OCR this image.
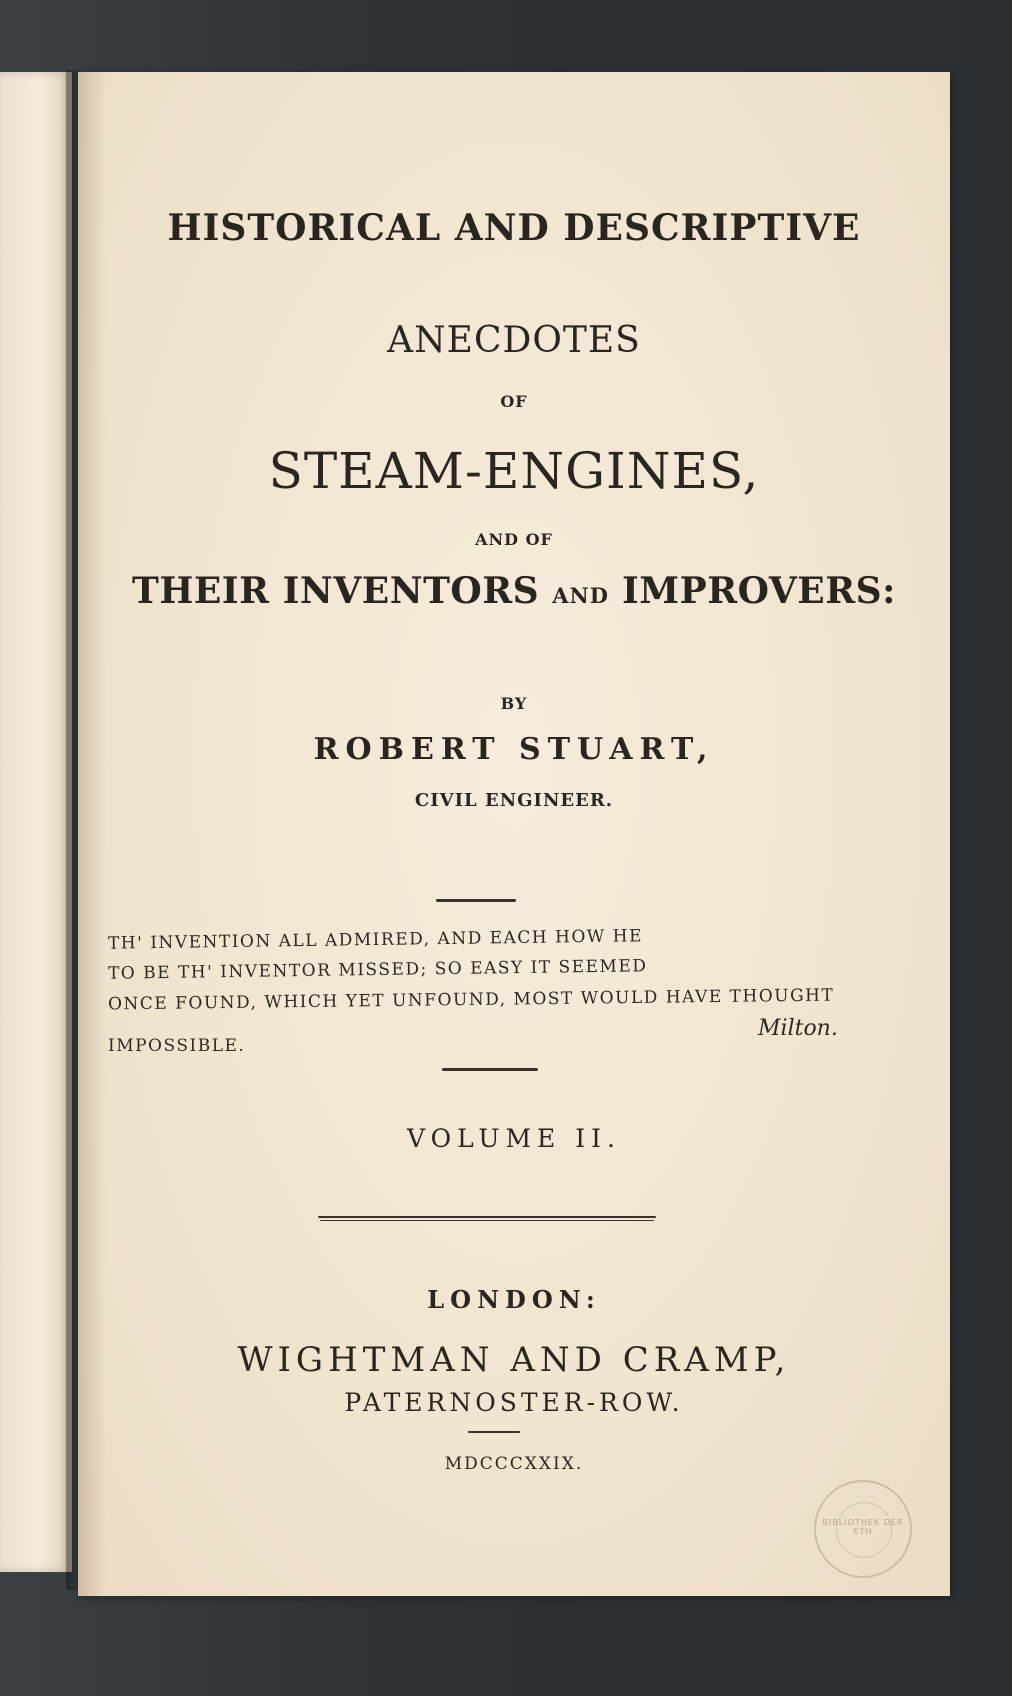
HISTORICAL AND DESCRIPTIVE
ANECDOTES
OF
STEAM-ENGINES,
AND OF
THEIR INVENTORS AND IMPROVERS:
BY
ROBERT STUART,
CIVIL ENGINEER.
TH' INVENTION ALL ADMIRED, AND EACH HOW HE
TO BE TH' INVENTOR MISSED; SO EASY IT SEEMED
ONCE FOUND, WHICH YET UNFOUND, MOST WOULD HAVE THOUGHT
IMPOSSIBLE.
Milton.
VOLUME II.
LONDON:
WIGHTMAN AND CRAMP,
PATERNOSTER-ROW.
MDCCCXXIX.
BIBLIOTHEK DER ETH
